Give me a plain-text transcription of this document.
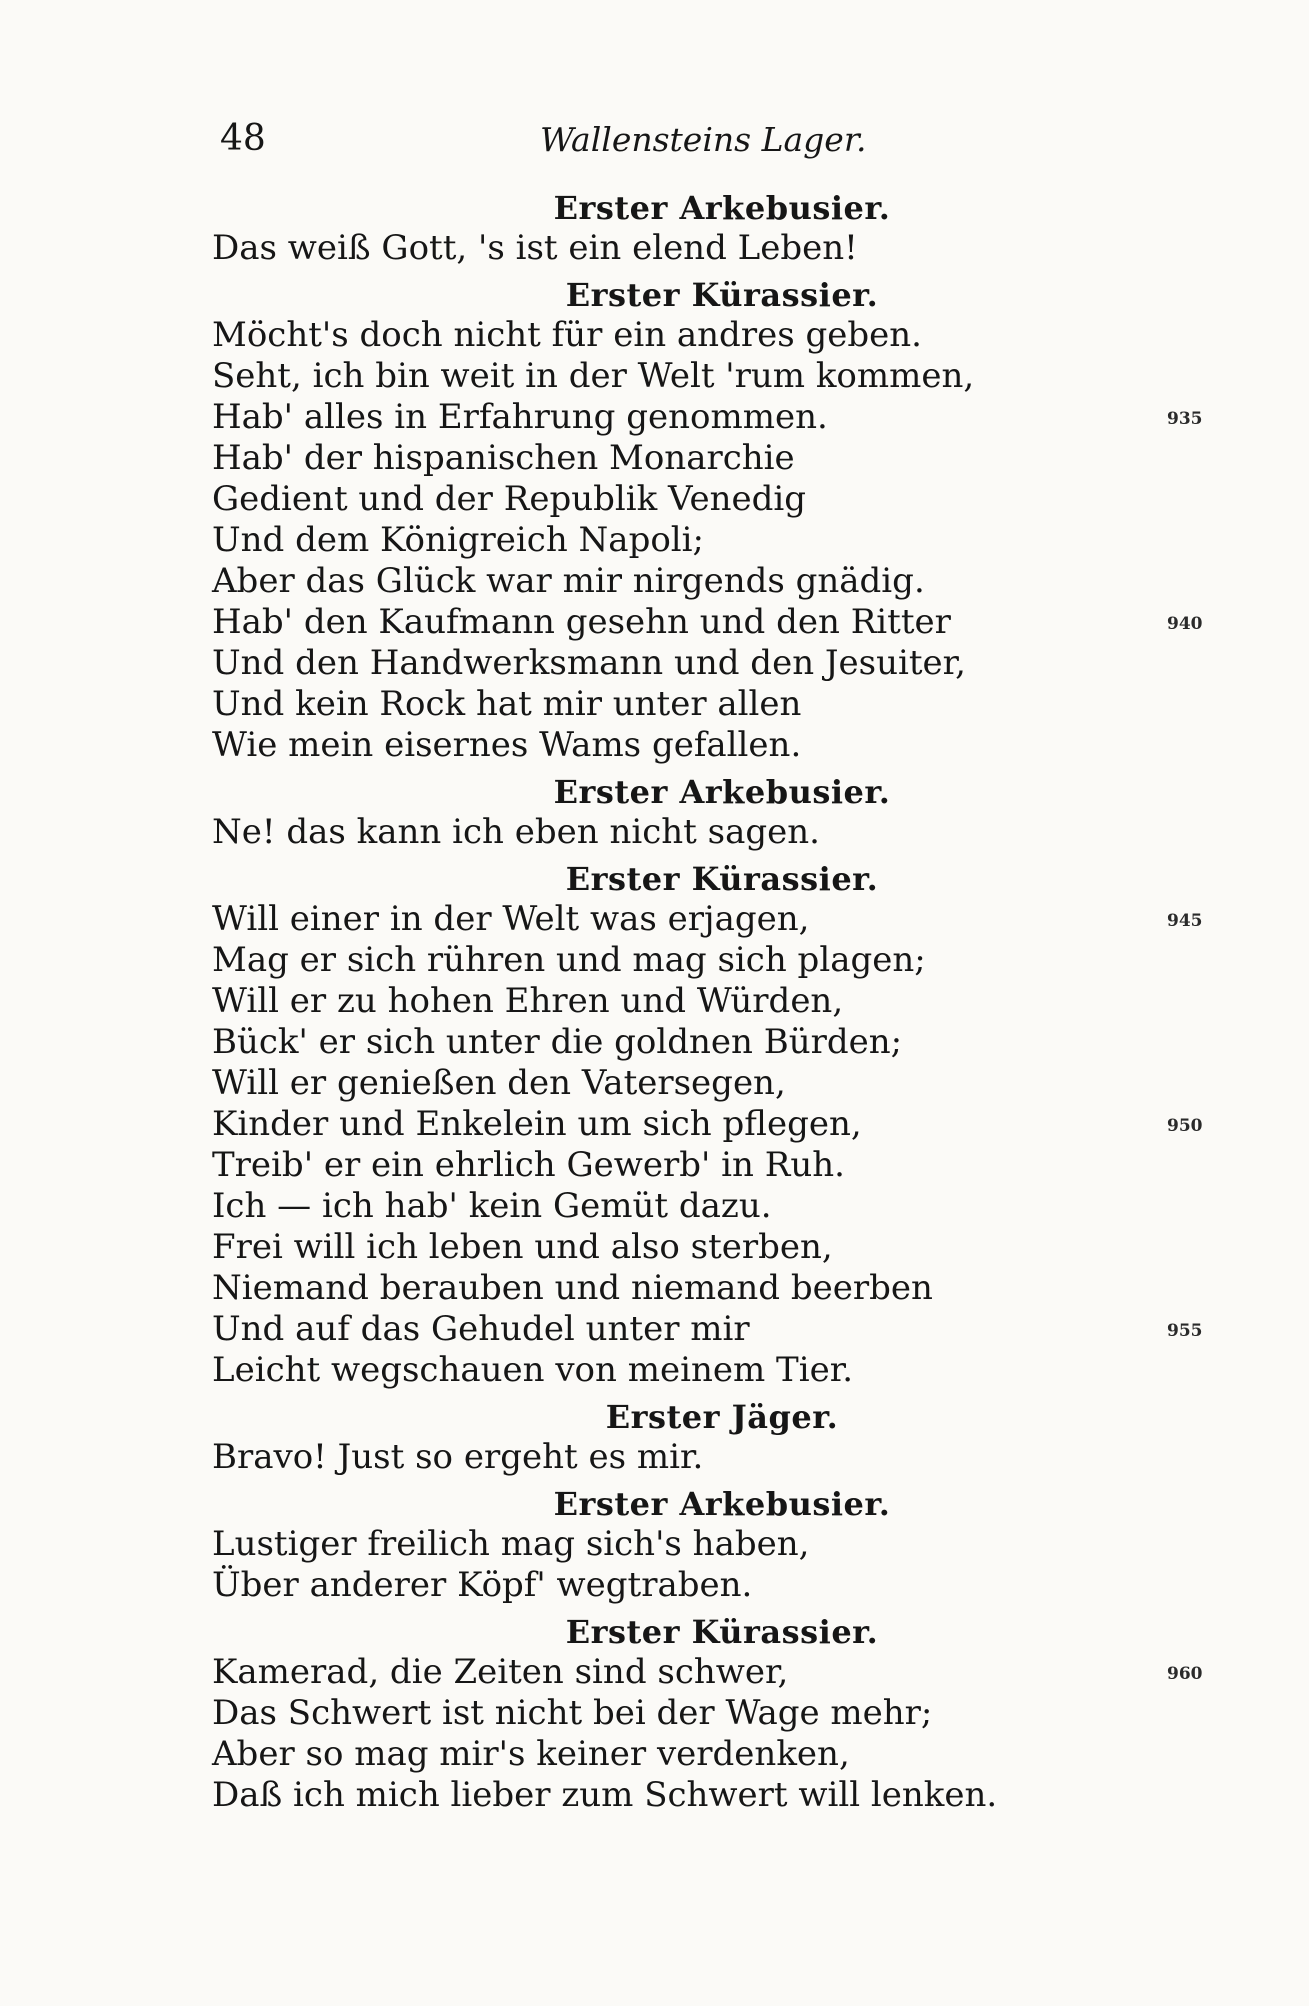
48	Wallensteins Lager.
Erster Arkebusier.
Das weiß Gott, 's ist ein elend Leben!
Erster Kürassier.
Möcht's doch nicht für ein andres geben.
Seht, ich bin weit in der Welt 'rum kommen,
Hab' alles in Erfahrung genommen.	935
Hab' der hispanischen Monarchie
Gedient und der Republik Venedig
Und dem Königreich Napoli;
Aber das Glück war mir nirgends gnädig.
Hab' den Kaufmann gesehn und den Ritter	940
Und den Handwerksmann und den Jesuiter,
Und kein Rock hat mir unter allen
Wie mein eisernes Wams gefallen.
Erster Arkebusier.
Ne! das kann ich eben nicht sagen.
Erster Kürassier.
Will einer in der Welt was erjagen,	945
Mag er sich rühren und mag sich plagen;
Will er zu hohen Ehren und Würden,
Bück' er sich unter die goldnen Bürden;
Will er genießen den Vatersegen,
Kinder und Enkelein um sich pflegen,	950
Treib' er ein ehrlich Gewerb' in Ruh.
Ich — ich hab' kein Gemüt dazu.
Frei will ich leben und also sterben,
Niemand berauben und niemand beerben
Und auf das Gehudel unter mir	955
Leicht wegschauen von meinem Tier.
Erster Jäger.
Bravo! Just so ergeht es mir.
Erster Arkebusier.
Lustiger freilich mag sich's haben,
Über anderer Köpf' wegtraben.
Erster Kürassier.
Kamerad, die Zeiten sind schwer,	960
Das Schwert ist nicht bei der Wage mehr;
Aber so mag mir's keiner verdenken,
Daß ich mich lieber zum Schwert will lenken.
